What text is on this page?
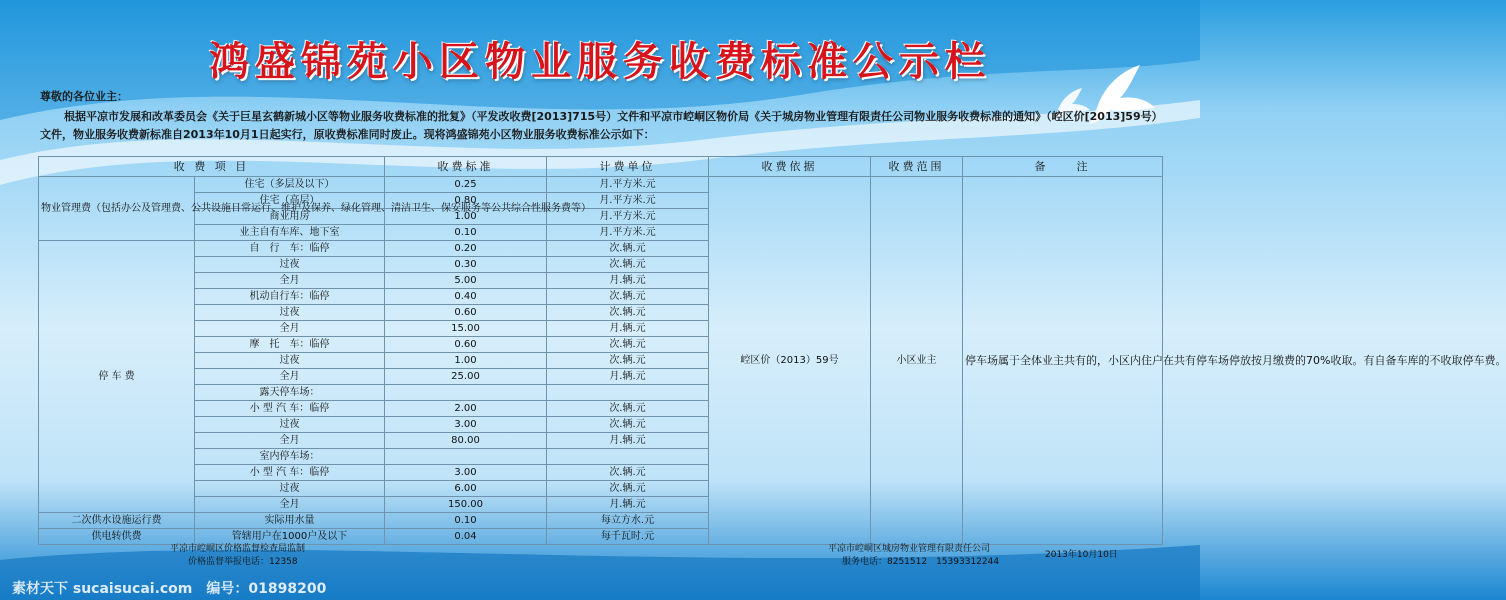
鸿盛锦苑小区物业服务收费标准公示栏
尊敬的各位业主：
根据平凉市发展和改革委员会《关于巨星玄鹤新城小区等物业服务收费标准的批复》（平发改收费[2013]715号）文件和平凉市崆峒区物价局《关于城房物业管理有限责任公司物业服务收费标准的通知》（崆区价[2013]59号）文件，物业服务收费新标准自2013年10月1日起实行，原收费标准同时废止。现将鸿盛锦苑小区物业服务收费标准公示如下：
收 费 项 目		收费标准	计费单位	收费依据	收费范围	备　　注
物业管理费（包括办公及管理费、公共设施日常运行、维护及保养、绿化管理、清洁卫生、保安服务等公共综合性服务费等）	住宅（多层及以下）	0.25	月.平方米.元	崆区价（2013）59号	小区业主	停车场属于全体业主共有的，小区内住户在共有停车场停放按月缴费的70%收取。有自备车库的不收取停车费。
	住宅（高层）	0.80	月.平方米.元			
	商业用房	1.00	月.平方米.元			
	业主自有车库、地下室	0.10	月.平方米.元			
停 车 费	自　行　车：临停	0.20	次.辆.元			
	过夜	0.30	次.辆.元			
	全月	5.00	月.辆.元			
	机动自行车：临停	0.40	次.辆.元			
	过夜	0.60	次.辆.元			
	全月	15.00	月.辆.元			
	摩　托　车：临停	0.60	次.辆.元			
	过夜	1.00	次.辆.元			
	全月	25.00	月.辆.元			
	露天停车场：					
	小 型 汽 车：临停	2.00	次.辆.元			
	过夜	3.00	次.辆.元			
	全月	80.00	月.辆.元			
	室内停车场：					
	小 型 汽 车：临停	3.00	次.辆.元			
	过夜	6.00	次.辆.元			
	全月	150.00	月.辆.元			
二次供水设施运行费	实际用水量	0.10	每立方水.元			
供电转供费	管辖用户在1000户及以下	0.04	每千瓦时.元			
平凉市崆峒区价格监督检查局监制
价格监督举报电话：12358
平凉市崆峒区城房物业管理有限责任公司
服务电话：8251512　15393312244
2013年10月10日
素材天下 sucaisucai.com　编号：01898200
